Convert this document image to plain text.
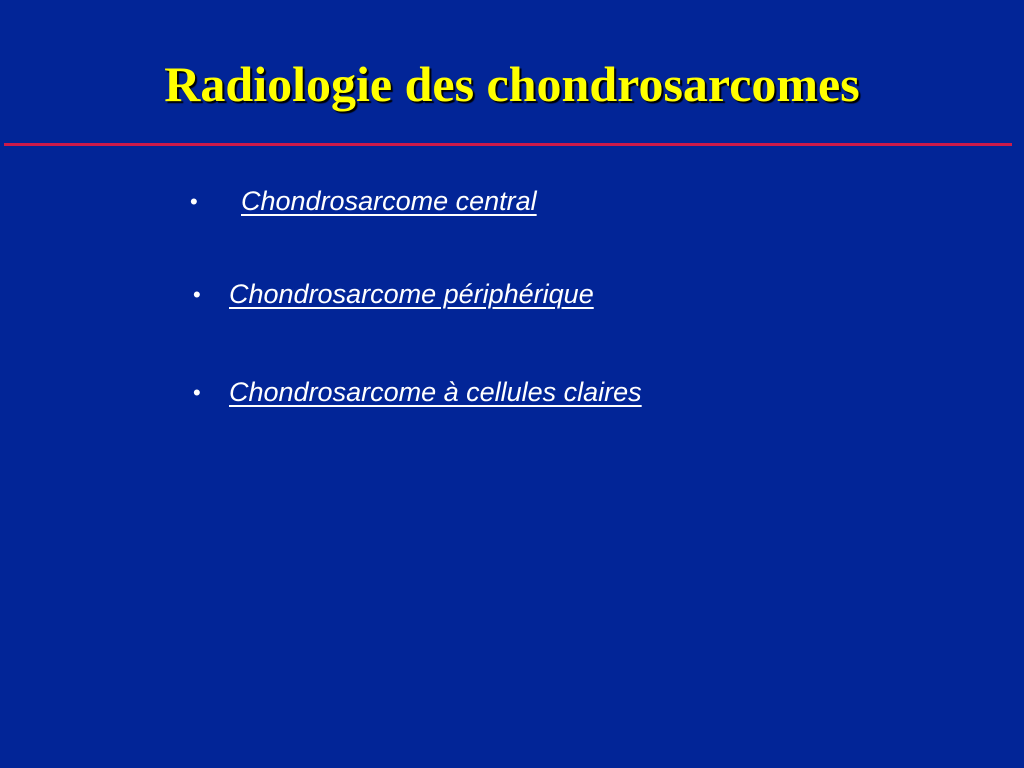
Radiologie des chondrosarcomes
• Chondrosarcome central
• Chondrosarcome périphérique
• Chondrosarcome à cellules claires
